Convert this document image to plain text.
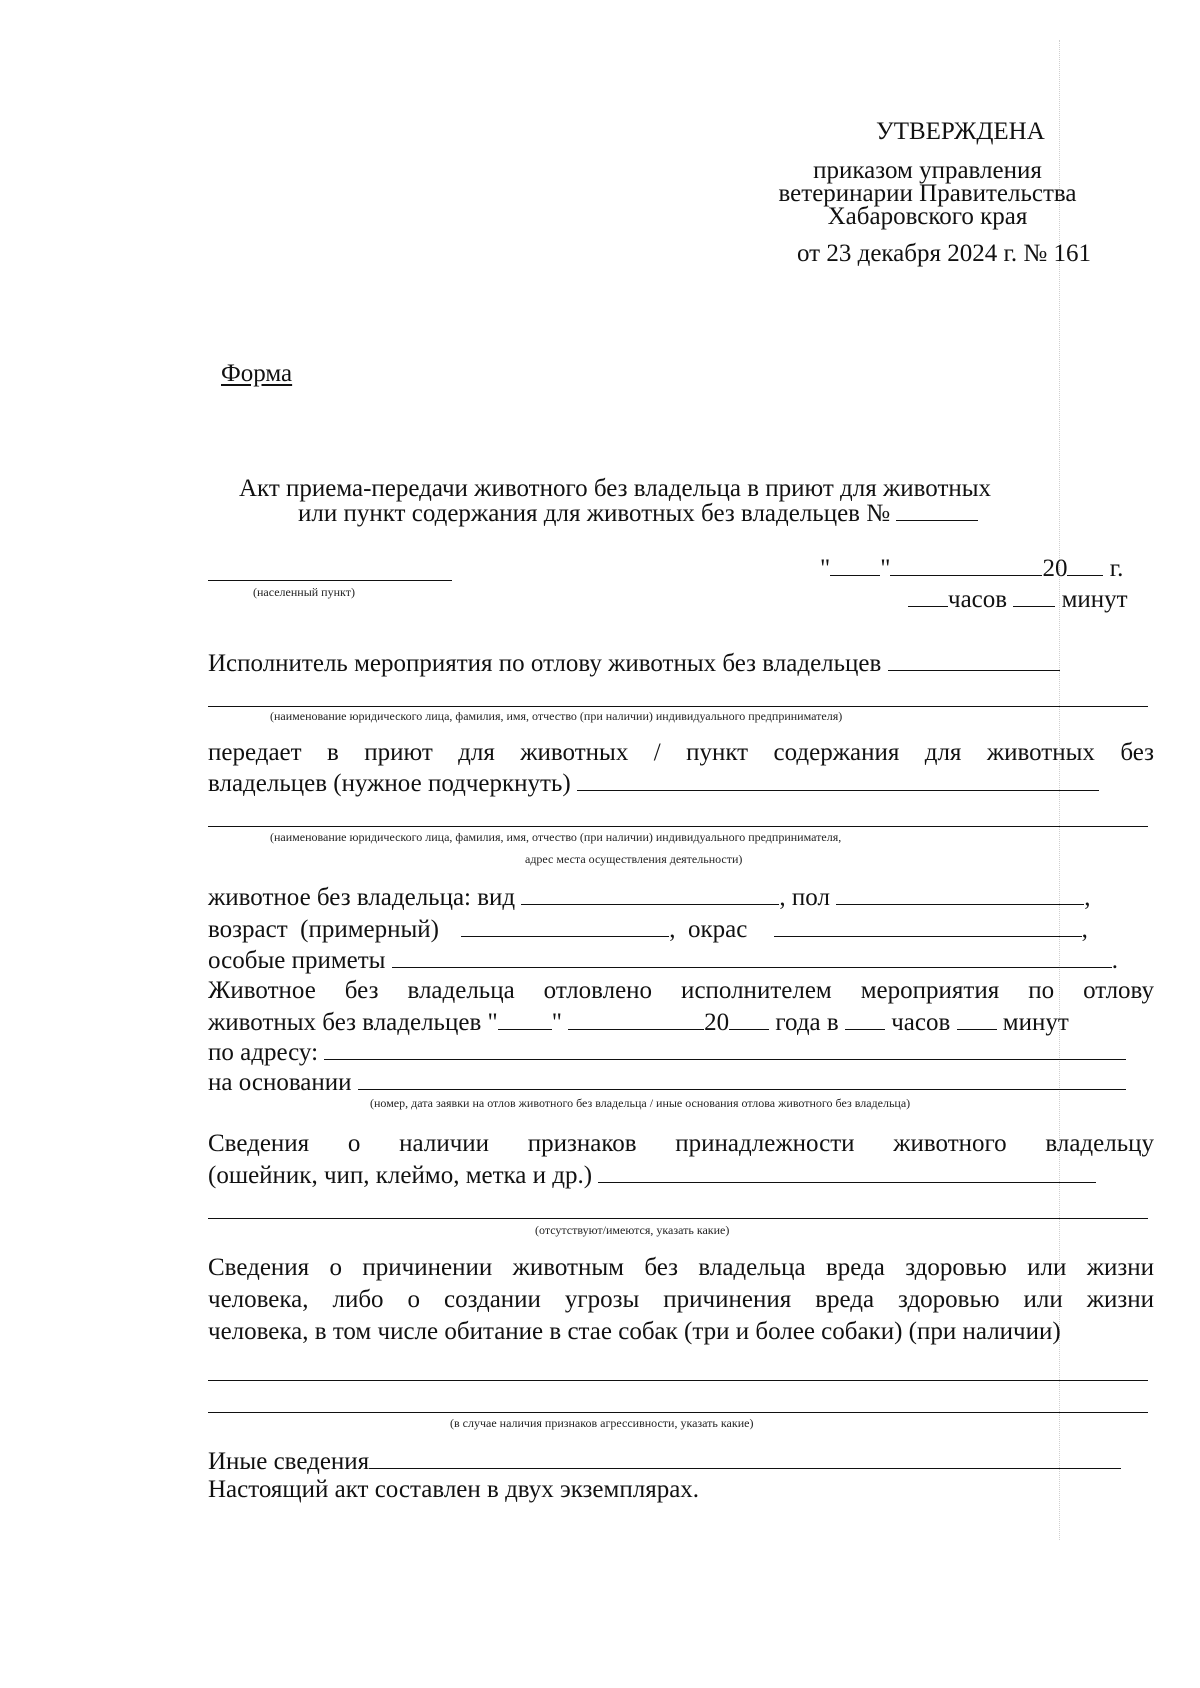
УТВЕРЖДЕНА
приказом управления
ветеринарии Правительства
Хабаровского края
от 23 декабря 2024 г. № 161
Форма
Акт приема-передачи животного без владельца в приют для животных
или пункт содержания для животных без владельцев №
(населенный пункт)
" "	20 г.
часов минут
Исполнитель мероприятия по отлову животных без владельцев
(наименование юридического лица, фамилия, имя, отчество (при наличии) индивидуального предпринимателя)
передает в приют для животных / пункт содержания для животных без
владельцев (нужное подчеркнуть)
(наименование юридического лица, фамилия, имя, отчество (при наличии) индивидуального предпринимателя,
адрес места осуществления деятельности)
животное без владельца: вид	, пол	,
возраст  (примерный)	,  окрас	,
особые приметы	.
Животное без владельца отловлено исполнителем мероприятия по отлову
животных без владельцев " "	20 года в часов минут
по адресу:
на основании
(номер, дата заявки на отлов животного без владельца / иные основания отлова животного без владельца)
Сведения о наличии признаков принадлежности животного владельцу
(ошейник, чип, клеймо, метка и др.)
(отсутствуют/имеются, указать какие)
Сведения о причинении животным без владельца вреда здоровью или жизни
человека, либо о создании угрозы причинения вреда здоровью или жизни
человека, в том числе обитание в стае собак (три и более собаки) (при наличии)
(в случае наличия признаков агрессивности, указать какие)
Иные сведения
Настоящий акт составлен в двух экземплярах.
